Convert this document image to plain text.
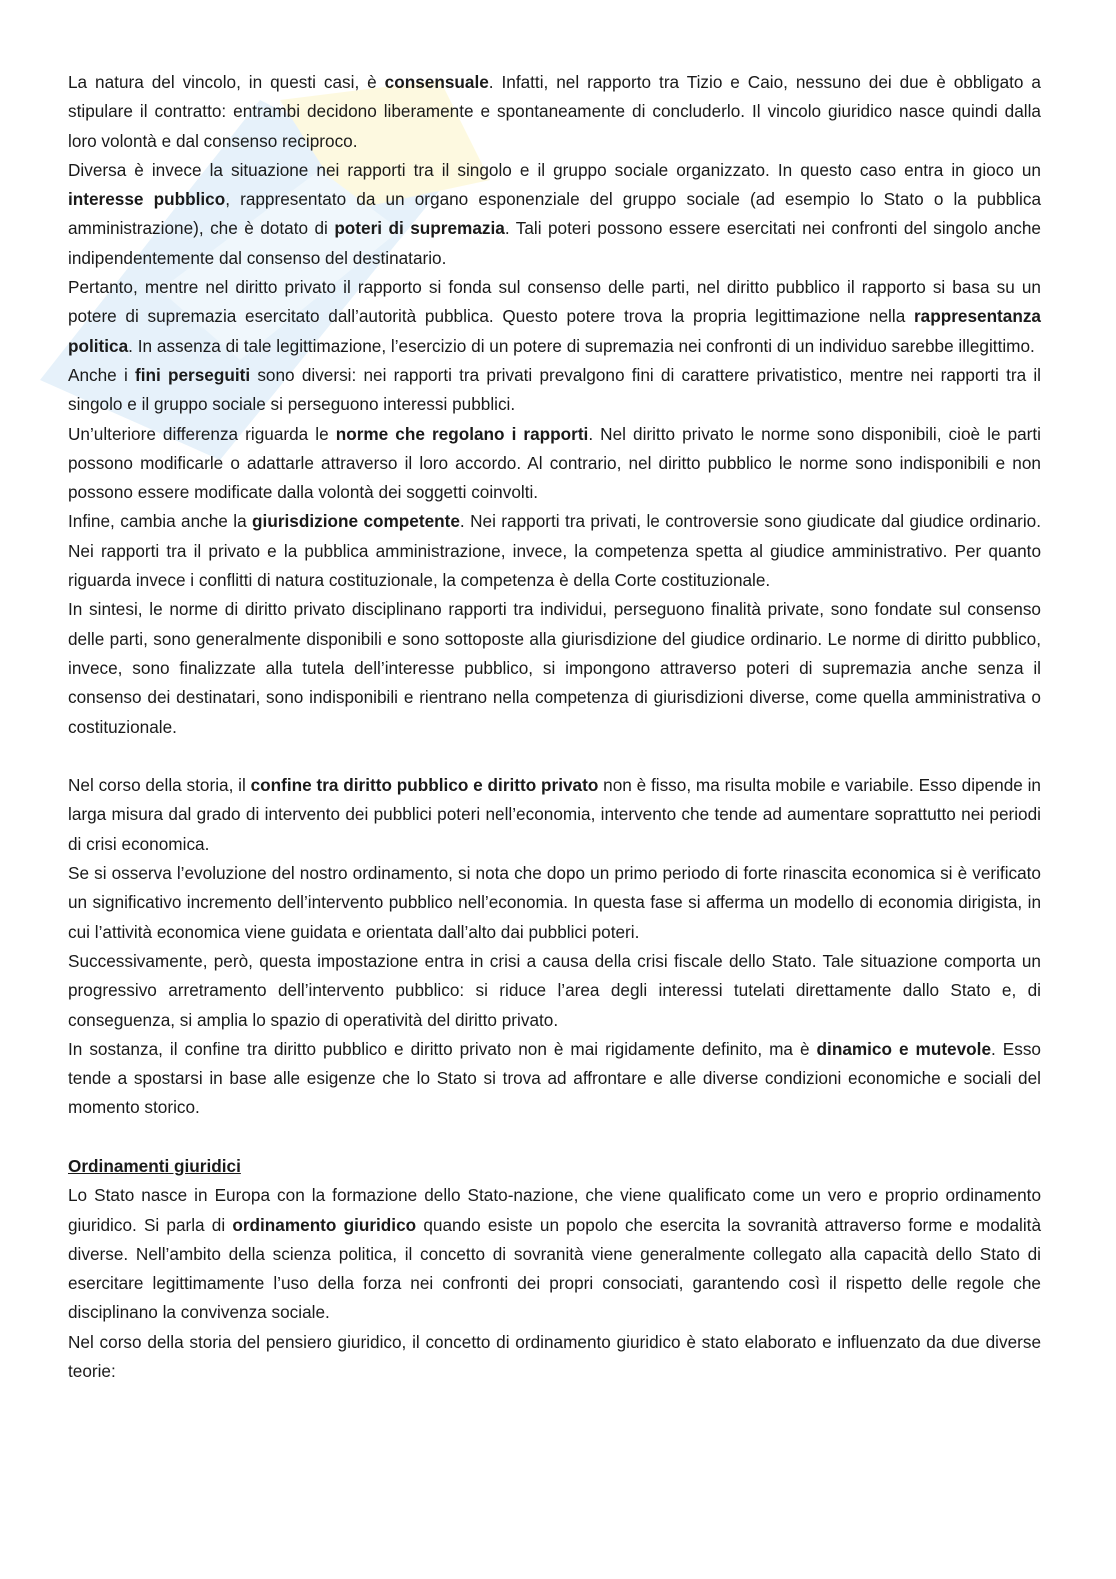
La natura del vincolo, in questi casi, è consensuale. Infatti, nel rapporto tra Tizio e Caio, nessuno dei due è obbligato a stipulare il contratto: entrambi decidono liberamente e spontaneamente di concluderlo. Il vincolo giuridico nasce quindi dalla loro volontà e dal consenso reciproco.

Diversa è invece la situazione nei rapporti tra il singolo e il gruppo sociale organizzato. In questo caso entra in gioco un interesse pubblico, rappresentato da un organo esponenziale del gruppo sociale (ad esempio lo Stato o la pubblica amministrazione), che è dotato di poteri di supremazia. Tali poteri possono essere esercitati nei confronti del singolo anche indipendentemente dal consenso del destinatario.

Pertanto, mentre nel diritto privato il rapporto si fonda sul consenso delle parti, nel diritto pubblico il rapporto si basa su un potere di supremazia esercitato dall’autorità pubblica. Questo potere trova la propria legittimazione nella rappresentanza politica. In assenza di tale legittimazione, l’esercizio di un potere di supremazia nei confronti di un individuo sarebbe illegittimo.

Anche i fini perseguiti sono diversi: nei rapporti tra privati prevalgono fini di carattere privatistico, mentre nei rapporti tra il singolo e il gruppo sociale si perseguono interessi pubblici.

Un’ulteriore differenza riguarda le norme che regolano i rapporti. Nel diritto privato le norme sono disponibili, cioè le parti possono modificarle o adattarle attraverso il loro accordo. Al contrario, nel diritto pubblico le norme sono indisponibili e non possono essere modificate dalla volontà dei soggetti coinvolti.

Infine, cambia anche la giurisdizione competente. Nei rapporti tra privati, le controversie sono giudicate dal giudice ordinario. Nei rapporti tra il privato e la pubblica amministrazione, invece, la competenza spetta al giudice amministrativo. Per quanto riguarda invece i conflitti di natura costituzionale, la competenza è della Corte costituzionale.

In sintesi, le norme di diritto privato disciplinano rapporti tra individui, perseguono finalità private, sono fondate sul consenso delle parti, sono generalmente disponibili e sono sottoposte alla giurisdizione del giudice ordinario. Le norme di diritto pubblico, invece, sono finalizzate alla tutela dell’interesse pubblico, si impongono attraverso poteri di supremazia anche senza il consenso dei destinatari, sono indisponibili e rientrano nella competenza di giurisdizioni diverse, come quella amministrativa o costituzionale.

Nel corso della storia, il confine tra diritto pubblico e diritto privato non è fisso, ma risulta mobile e variabile. Esso dipende in larga misura dal grado di intervento dei pubblici poteri nell’economia, intervento che tende ad aumentare soprattutto nei periodi di crisi economica.

Se si osserva l’evoluzione del nostro ordinamento, si nota che dopo un primo periodo di forte rinascita economica si è verificato un significativo incremento dell’intervento pubblico nell’economia. In questa fase si afferma un modello di economia dirigista, in cui l’attività economica viene guidata e orientata dall’alto dai pubblici poteri.

Successivamente, però, questa impostazione entra in crisi a causa della crisi fiscale dello Stato. Tale situazione comporta un progressivo arretramento dell’intervento pubblico: si riduce l’area degli interessi tutelati direttamente dallo Stato e, di conseguenza, si amplia lo spazio di operatività del diritto privato.

In sostanza, il confine tra diritto pubblico e diritto privato non è mai rigidamente definito, ma è dinamico e mutevole. Esso tende a spostarsi in base alle esigenze che lo Stato si trova ad affrontare e alle diverse condizioni economiche e sociali del momento storico.

Ordinamenti giuridici

Lo Stato nasce in Europa con la formazione dello Stato-nazione, che viene qualificato come un vero e proprio ordinamento giuridico. Si parla di ordinamento giuridico quando esiste un popolo che esercita la sovranità attraverso forme e modalità diverse. Nell’ambito della scienza politica, il concetto di sovranità viene generalmente collegato alla capacità dello Stato di esercitare legittimamente l’uso della forza nei confronti dei propri consociati, garantendo così il rispetto delle regole che disciplinano la convivenza sociale.

Nel corso della storia del pensiero giuridico, il concetto di ordinamento giuridico è stato elaborato e influenzato da due diverse teorie:
